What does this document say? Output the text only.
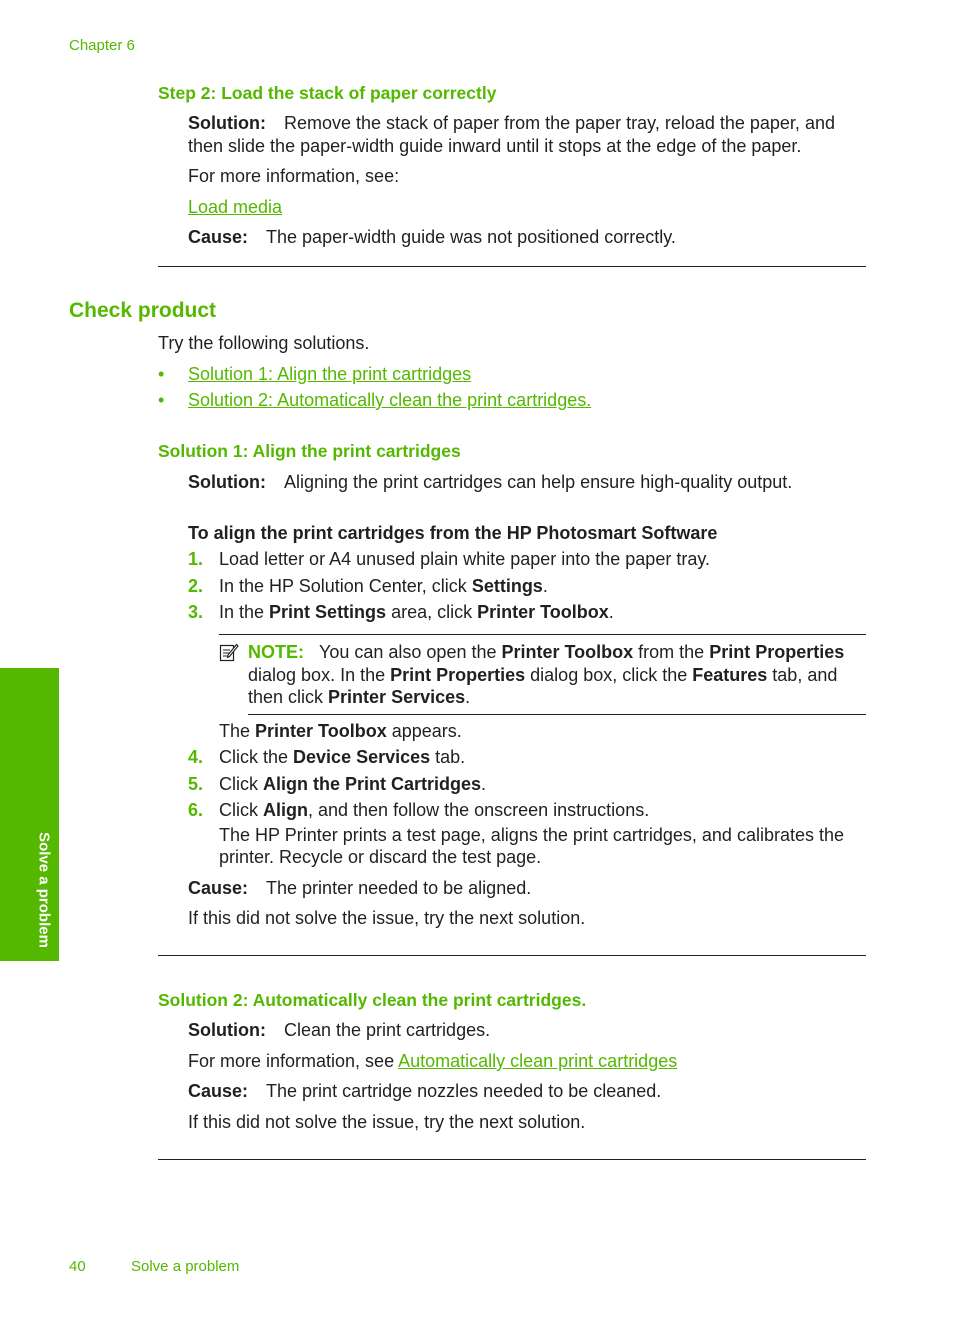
Chapter 6
Step 2: Load the stack of paper correctly
Solution: Remove the stack of paper from the paper tray, reload the paper, and
then slide the paper-width guide inward until it stops at the edge of the paper.
For more information, see:
Load media
Cause: The paper-width guide was not positioned correctly.
Check product
Try the following solutions.
• Solution 1: Align the print cartridges
• Solution 2: Automatically clean the print cartridges.
Solution 1: Align the print cartridges
Solution: Aligning the print cartridges can help ensure high-quality output.
To align the print cartridges from the HP Photosmart Software
1. Load letter or A4 unused plain white paper into the paper tray.
2. In the HP Solution Center, click Settings.
3. In the Print Settings area, click Printer Toolbox.
NOTE: You can also open the Printer Toolbox from the Print Properties
dialog box. In the Print Properties dialog box, click the Features tab, and
then click Printer Services.
The Printer Toolbox appears.
4. Click the Device Services tab.
5. Click Align the Print Cartridges.
6. Click Align, and then follow the onscreen instructions.
The HP Printer prints a test page, aligns the print cartridges, and calibrates the
printer. Recycle or discard the test page.
Cause: The printer needed to be aligned.
If this did not solve the issue, try the next solution.
Solution 2: Automatically clean the print cartridges.
Solution: Clean the print cartridges.
For more information, see Automatically clean print cartridges
Cause: The print cartridge nozzles needed to be cleaned.
If this did not solve the issue, try the next solution.
Solve a problem
40	Solve a problem
